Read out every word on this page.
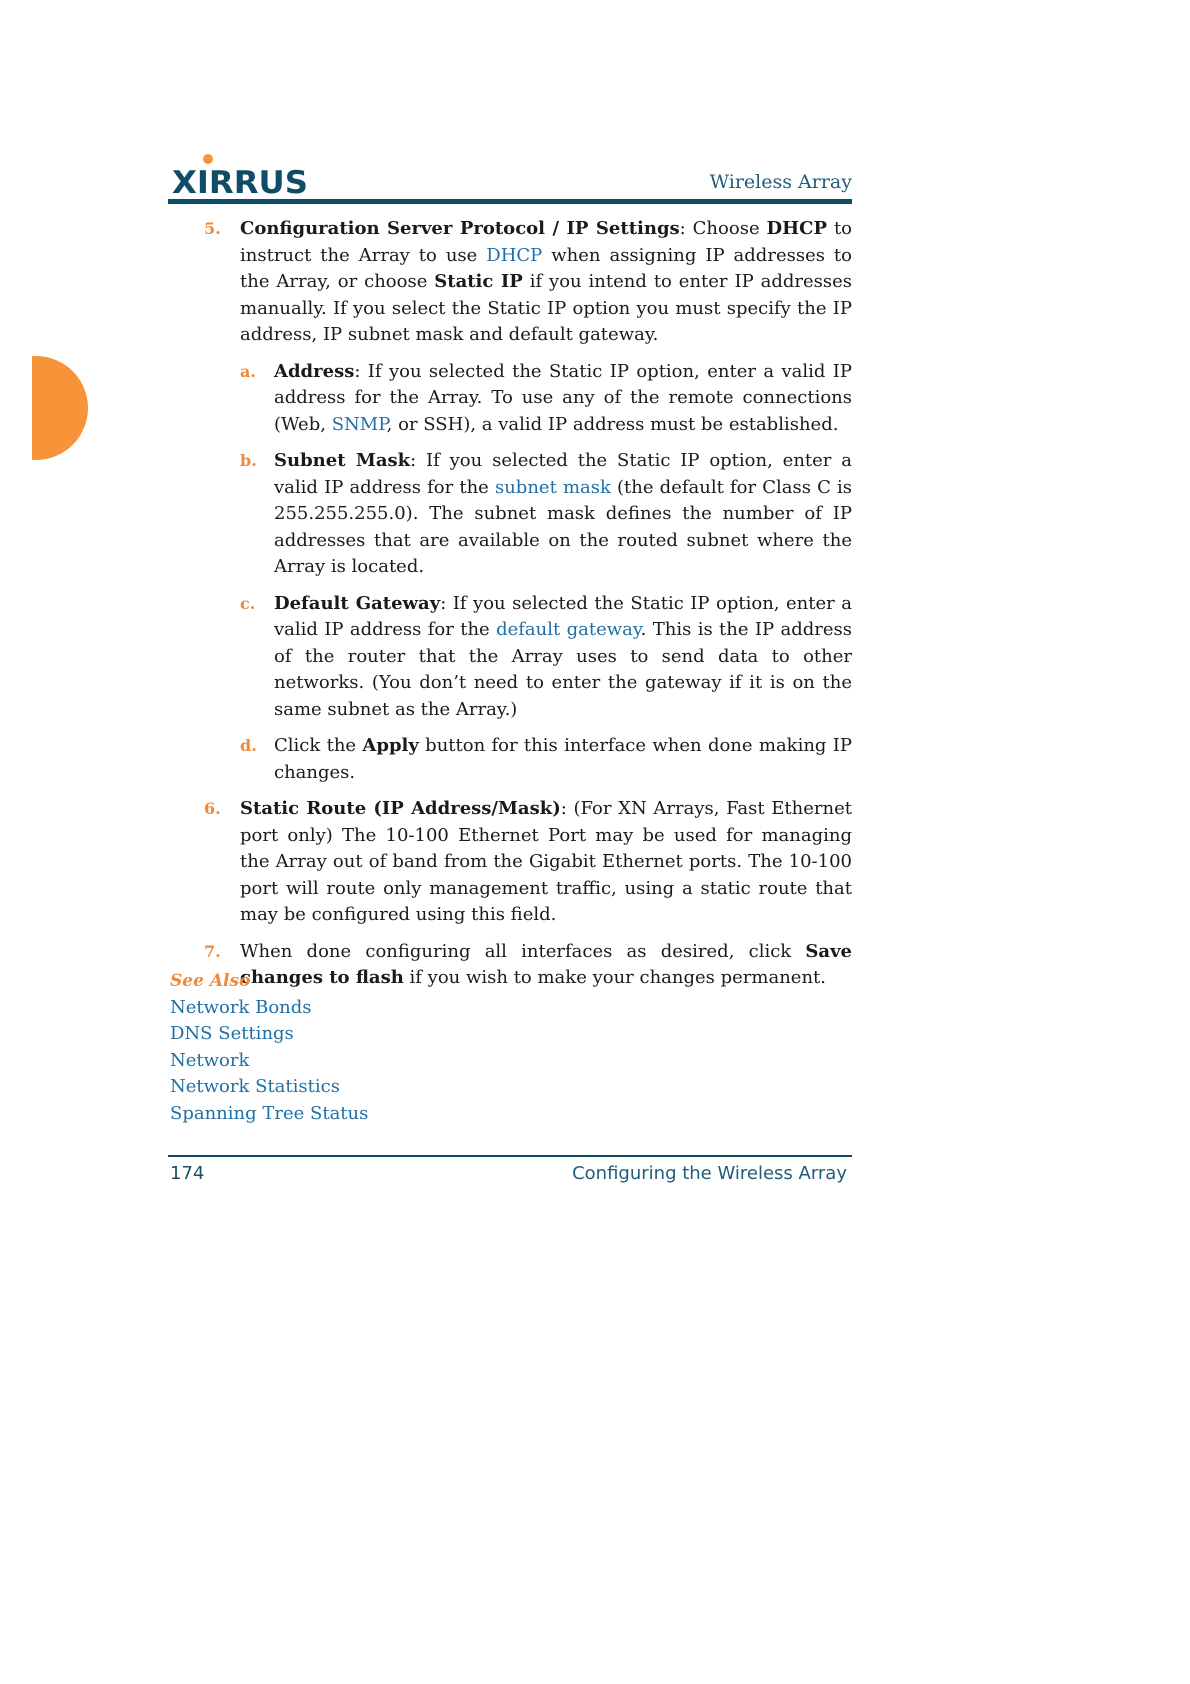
XIRRUS	Wireless Array
5. Configuration Server Protocol / IP Settings: Choose DHCP to instruct the Array to use DHCP when assigning IP addresses to the Array, or choose Static IP if you intend to enter IP addresses manually. If you select the Static IP option you must specify the IP address, IP subnet mask and default gateway.
a. Address: If you selected the Static IP option, enter a valid IP address for the Array. To use any of the remote connections (Web, SNMP, or SSH), a valid IP address must be established.
b. Subnet Mask: If you selected the Static IP option, enter a valid IP address for the subnet mask (the default for Class C is 255.255.255.0). The subnet mask defines the number of IP addresses that are available on the routed subnet where the Array is located.
c. Default Gateway: If you selected the Static IP option, enter a valid IP address for the default gateway. This is the IP address of the router that the Array uses to send data to other networks. (You don’t need to enter the gateway if it is on the same subnet as the Array.)
d. Click the Apply button for this interface when done making IP changes.
6. Static Route (IP Address/Mask): (For XN Arrays, Fast Ethernet port only) The 10-100 Ethernet Port may be used for managing the Array out of band from the Gigabit Ethernet ports. The 10-100 port will route only management traffic, using a static route that may be configured using this field.
7. When done configuring all interfaces as desired, click Save changes to flash if you wish to make your changes permanent.
See Also
Network Bonds
DNS Settings
Network
Network Statistics
Spanning Tree Status
174	Configuring the Wireless Array
